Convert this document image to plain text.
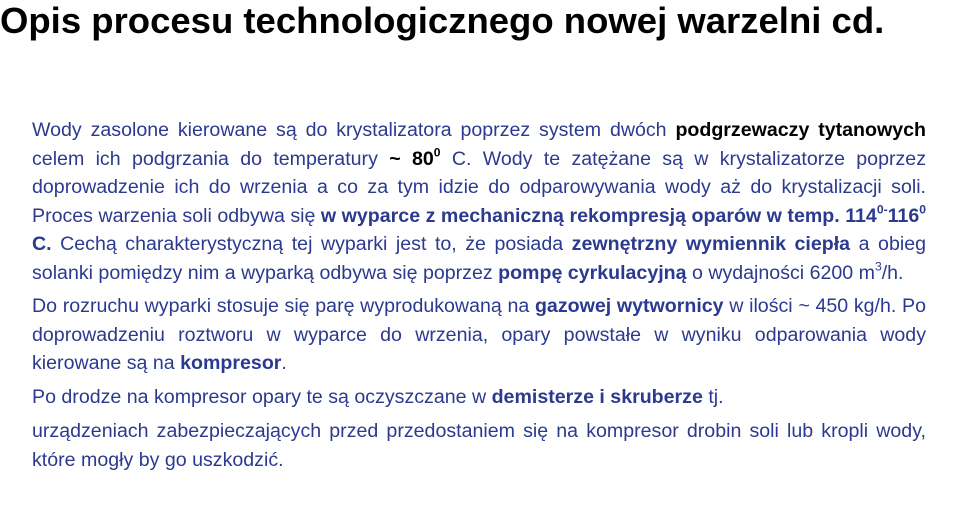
Opis procesu technologicznego nowej warzelni cd.

Wody zasolone kierowane są do krystalizatora poprzez system dwóch podgrzewaczy tytanowych celem ich podgrzania do temperatury ~ $80^0$ C. Wody te zatężane są w krystalizatorze poprzez doprowadzenie ich do wrzenia a co za tym idzie do odparowywania wody aż do krystalizacji soli. Proces warzenia soli odbywa się w wyparce z mechaniczną rekompresją oparów w temp. $114^{0-}116^0$ C. Cechą charakterystyczną tej wyparki jest to, że posiada zewnętrzny wymiennik ciepła a obieg solanki pomiędzy nim a wyparką odbywa się poprzez pompę cyrkulacyjną o wydajności 6200 $m^3/h$.

Do rozruchu wyparki stosuje się parę wyprodukowaną na gazowej wytwornicy w ilości ~ 450 kg/h. Po doprowadzeniu roztworu w wyparce do wrzenia, opary powstałe w wyniku odparowania wody kierowane są na kompresor.

Po drodze na kompresor opary te są oczyszczane w demisterze i skruberze tj.

urządzeniach zabezpieczających przed przedostaniem się na kompresor drobin soli lub kropli wody, które mogły by go uszkodzić.
